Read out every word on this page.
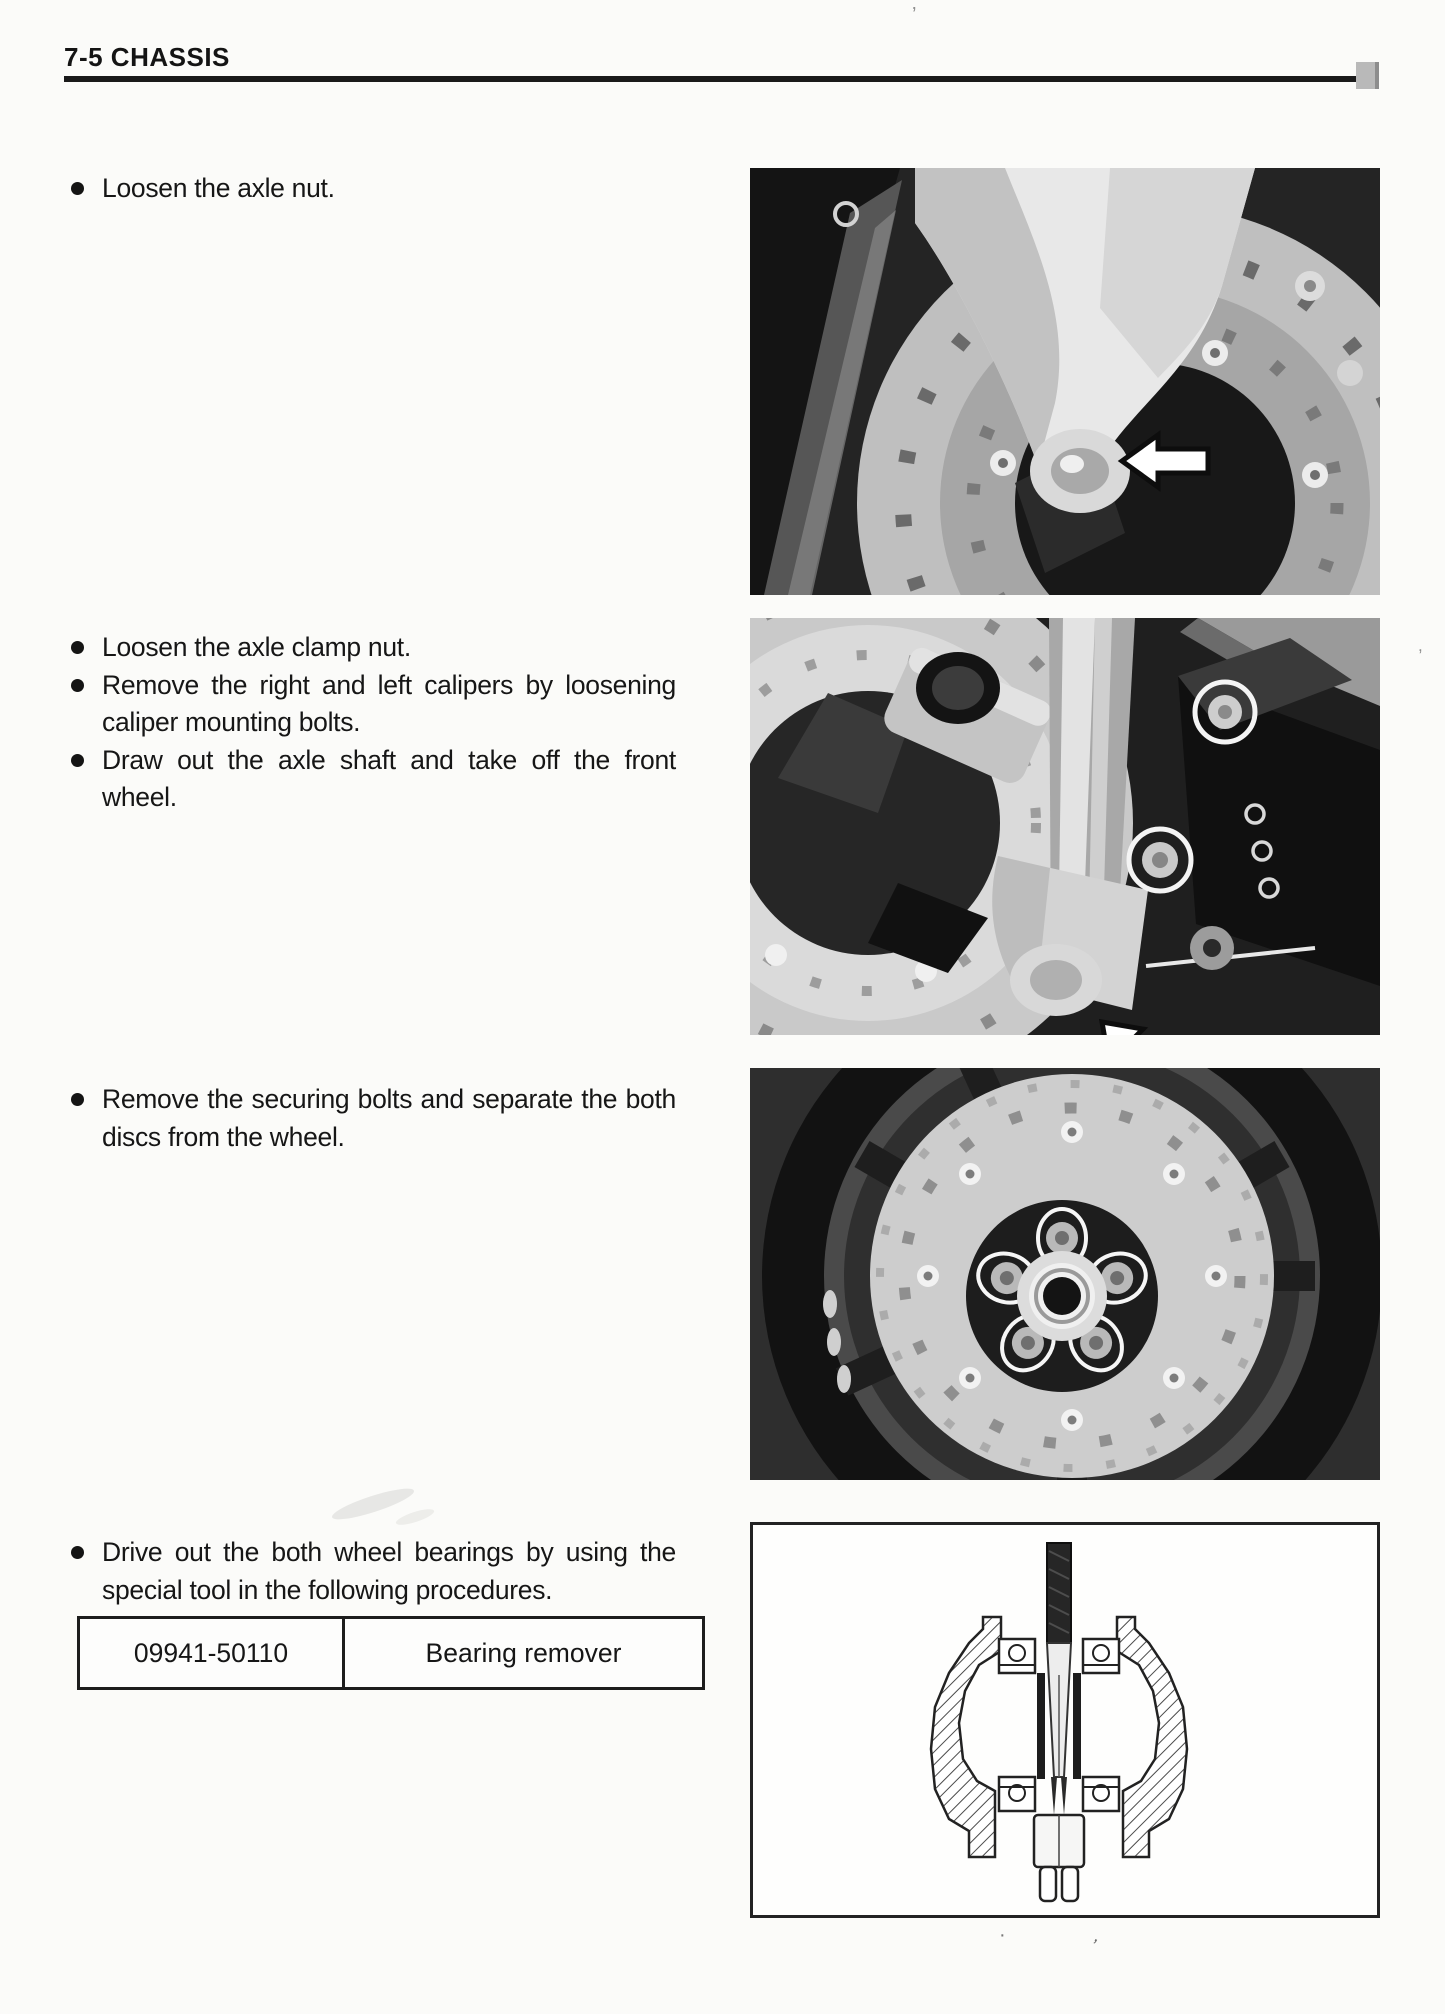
7-5 CHASSIS
Loosen the axle nut.
Loosen the axle clamp nut.
Remove the right and left calipers by loosening
caliper mounting bolts.
Draw out the axle shaft and take off the front
wheel.
Remove the securing bolts and separate the both
discs from the wheel.
Drive out the both wheel bearings by using the
special tool in the following procedures.
09941-50110	Bearing remover
’
,
·
ʼ
